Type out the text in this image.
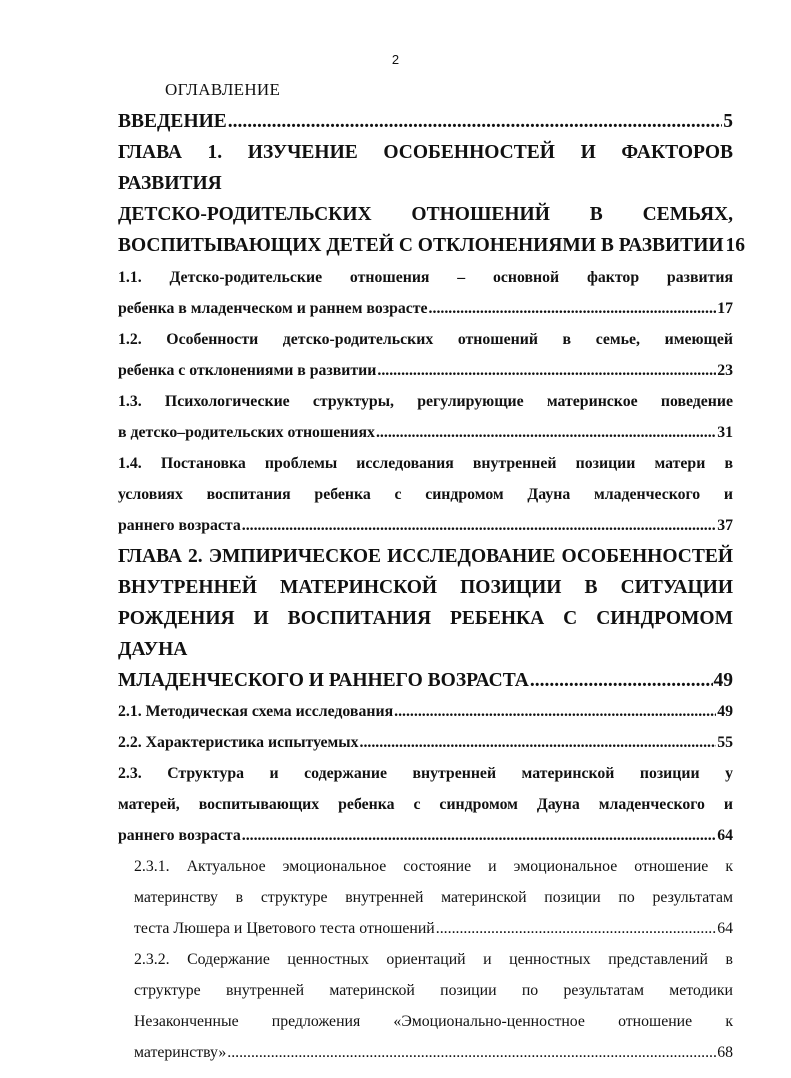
2
ОГЛАВЛЕНИЕ
ВВЕДЕНИЕ .....	5
ГЛАВА 1. ИЗУЧЕНИЕ ОСОБЕННОСТЕЙ И ФАКТОРОВ РАЗВИТИЯ
ДЕТСКО-РОДИТЕЛЬСКИХ ОТНОШЕНИЙ В СЕМЬЯХ,
ВОСПИТЫВАЮЩИХ ДЕТЕЙ С ОТКЛОНЕНИЯМИ В РАЗВИТИИ 16
1.1. Детско-родительские отношения – основной фактор развития
ребенка в младенческом и раннем возрасте .....	17
1.2. Особенности детско-родительских отношений в семье, имеющей
ребенка с отклонениями в развитии .....	23
1.3. Психологические структуры, регулирующие материнское поведение
в детско–родительских отношениях .....	31
1.4. Постановка проблемы исследования внутренней позиции матери в
условиях воспитания ребенка с синдромом Дауна младенческого и
раннего возраста .....	37
ГЛАВА 2. ЭМПИРИЧЕСКОЕ ИССЛЕДОВАНИЕ ОСОБЕННОСТЕЙ
ВНУТРЕННЕЙ МАТЕРИНСКОЙ ПОЗИЦИИ В СИТУАЦИИ
РОЖДЕНИЯ И ВОСПИТАНИЯ РЕБЕНКА С СИНДРОМОМ ДАУНА
МЛАДЕНЧЕСКОГО И РАННЕГО ВОЗРАСТА .....	49
2.1. Методическая схема исследования .....	49
2.2. Характеристика испытуемых .....	55
2.3. Структура и содержание внутренней материнской позиции у
матерей, воспитывающих ребенка с синдромом Дауна младенческого и
раннего возраста .....	64
2.3.1. Актуальное эмоциональное состояние и эмоциональное отношение к
материнству в структуре внутренней материнской позиции по результатам
теста Люшера и Цветового теста отношений .....	64
2.3.2. Содержание ценностных ориентаций и ценностных представлений в
структуре внутренней материнской позиции по результатам методики
Незаконченные предложения «Эмоционально-ценностное отношение к
материнству» .....	68
